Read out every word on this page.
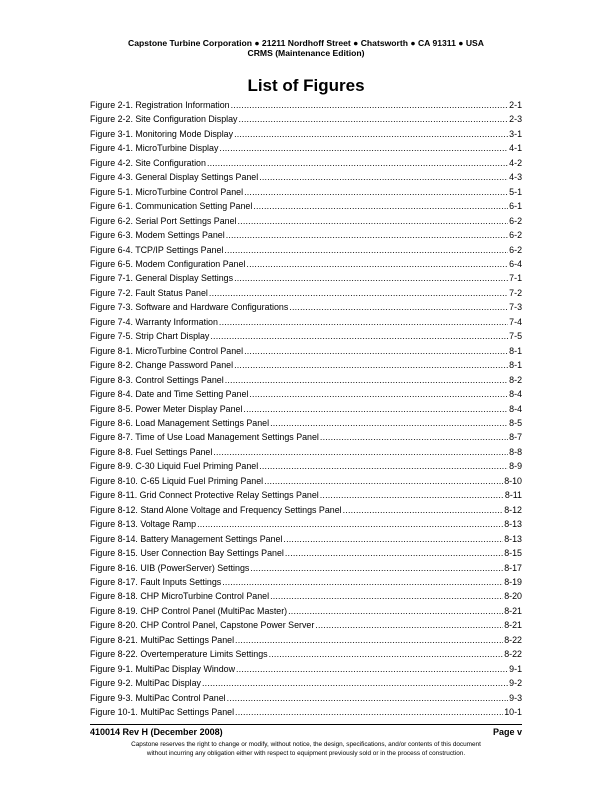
Capstone Turbine Corporation ● 21211 Nordhoff Street ● Chatsworth ● CA 91311 ● USA
CRMS (Maintenance Edition)
List of Figures
Figure 2-1. Registration Information .....	2-1
Figure 2-2. Site Configuration Display .....	2-3
Figure 3-1. Monitoring Mode Display .....	3-1
Figure 4-1. MicroTurbine Display .....	4-1
Figure 4-2. Site Configuration .....	4-2
Figure 4-3. General Display Settings Panel .....	4-3
Figure 5-1. MicroTurbine Control Panel .....	5-1
Figure 6-1. Communication Setting Panel .....	6-1
Figure 6-2. Serial Port Settings Panel .....	6-2
Figure 6-3. Modem Settings Panel .....	6-2
Figure 6-4. TCP/IP Settings Panel .....	6-2
Figure 6-5. Modem Configuration Panel .....	6-4
Figure 7-1. General Display Settings .....	7-1
Figure 7-2. Fault Status Panel .....	7-2
Figure 7-3. Software and Hardware Configurations .....	7-3
Figure 7-4. Warranty Information .....	7-4
Figure 7-5. Strip Chart Display .....	7-5
Figure 8-1. MicroTurbine Control Panel .....	8-1
Figure 8-2. Change Password Panel .....	8-1
Figure 8-3. Control Settings Panel .....	8-2
Figure 8-4. Date and Time Setting Panel .....	8-4
Figure 8-5. Power Meter Display Panel .....	8-4
Figure 8-6. Load Management Settings Panel .....	8-5
Figure 8-7. Time of Use Load Management Settings Panel .....	8-7
Figure 8-8. Fuel Settings Panel .....	8-8
Figure 8-9. C-30 Liquid Fuel Priming Panel .....	8-9
Figure 8-10. C-65 Liquid Fuel Priming Panel .....	8-10
Figure 8-11. Grid Connect Protective Relay Settings Panel .....	8-11
Figure 8-12. Stand Alone Voltage and Frequency Settings Panel .....	8-12
Figure 8-13. Voltage Ramp .....	8-13
Figure 8-14. Battery Management Settings Panel .....	8-13
Figure 8-15. User Connection Bay Settings Panel .....	8-15
Figure 8-16. UIB (PowerServer) Settings .....	8-17
Figure 8-17. Fault Inputs Settings .....	8-19
Figure 8-18. CHP MicroTurbine Control Panel .....	8-20
Figure 8-19. CHP Control Panel (MultiPac Master) .....	8-21
Figure 8-20. CHP Control Panel, Capstone Power Server .....	8-21
Figure 8-21. MultiPac Settings Panel .....	8-22
Figure 8-22. Overtemperature Limits Settings .....	8-22
Figure 9-1. MultiPac Display Window .....	9-1
Figure 9-2. MultiPac Display .....	9-2
Figure 9-3. MultiPac Control Panel .....	9-3
Figure 10-1. MultiPac Settings Panel .....	10-1
410014 Rev H (December 2008)	Page v
Capstone reserves the right to change or modify, without notice, the design, specifications, and/or contents of this document
without incurring any obligation either with respect to equipment previously sold or in the process of construction.
